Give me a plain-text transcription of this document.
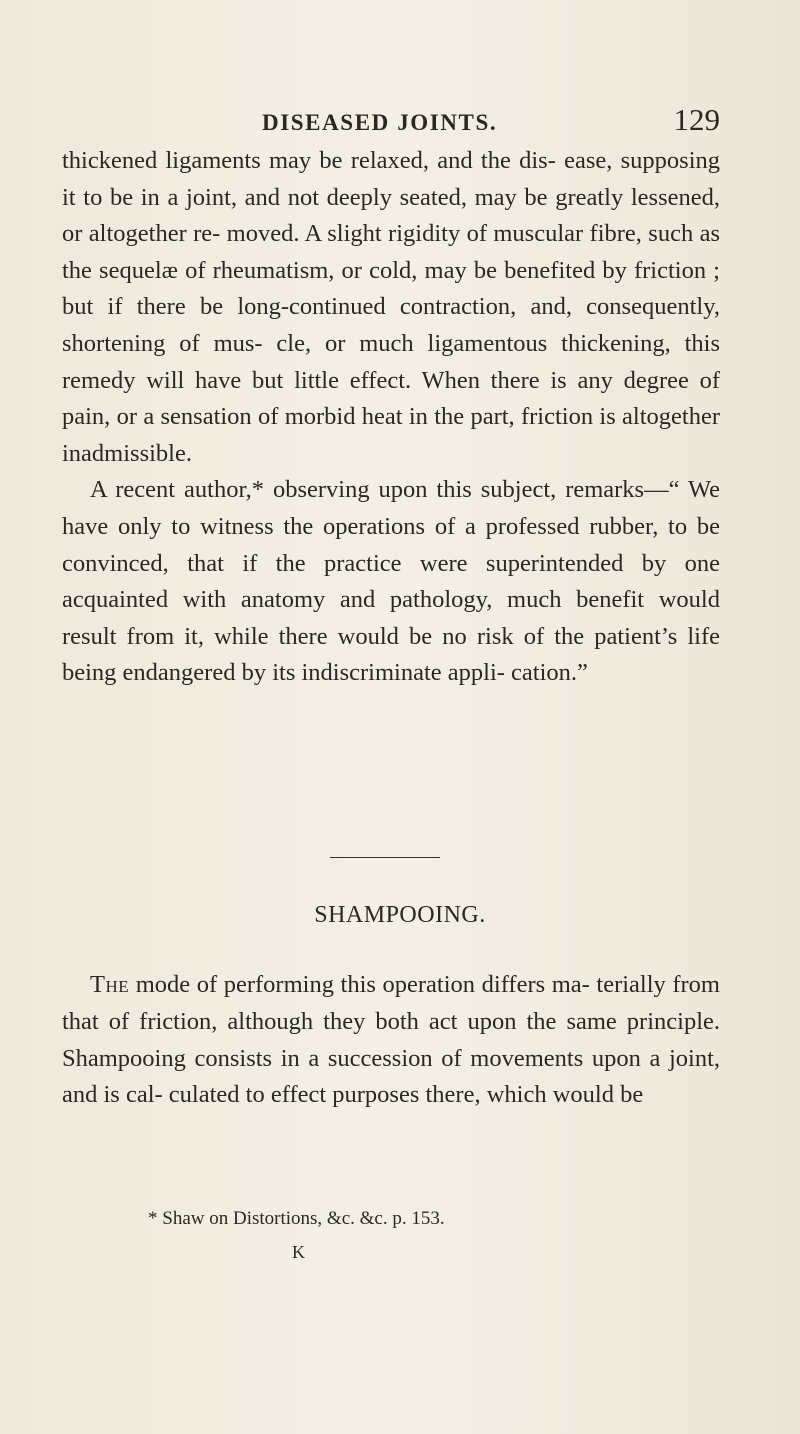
DISEASED JOINTS.	129

thickened ligaments may be relaxed, and the dis- ease, supposing it to be in a joint, and not deeply seated, may be greatly lessened, or altogether re- moved. A slight rigidity of muscular fibre, such as the sequelæ of rheumatism, or cold, may be benefited by friction ; but if there be long-continued contraction, and, consequently, shortening of mus- cle, or much ligamentous thickening, this remedy will have but little effect. When there is any degree of pain, or a sensation of morbid heat in the part, friction is altogether inadmissible.

A recent author,* observing upon this subject, remarks—“ We have only to witness the operations of a professed rubber, to be convinced, that if the practice were superintended by one acquainted with anatomy and pathology, much benefit would result from it, while there would be no risk of the patient’s life being endangered by its indiscriminate appli- cation.”

SHAMPOOING.

The mode of performing this operation differs ma- terially from that of friction, although they both act upon the same principle. Shampooing consists in a succession of movements upon a joint, and is cal- culated to effect purposes there, which would be

* Shaw on Distortions, &c. &c. p. 153.
K
